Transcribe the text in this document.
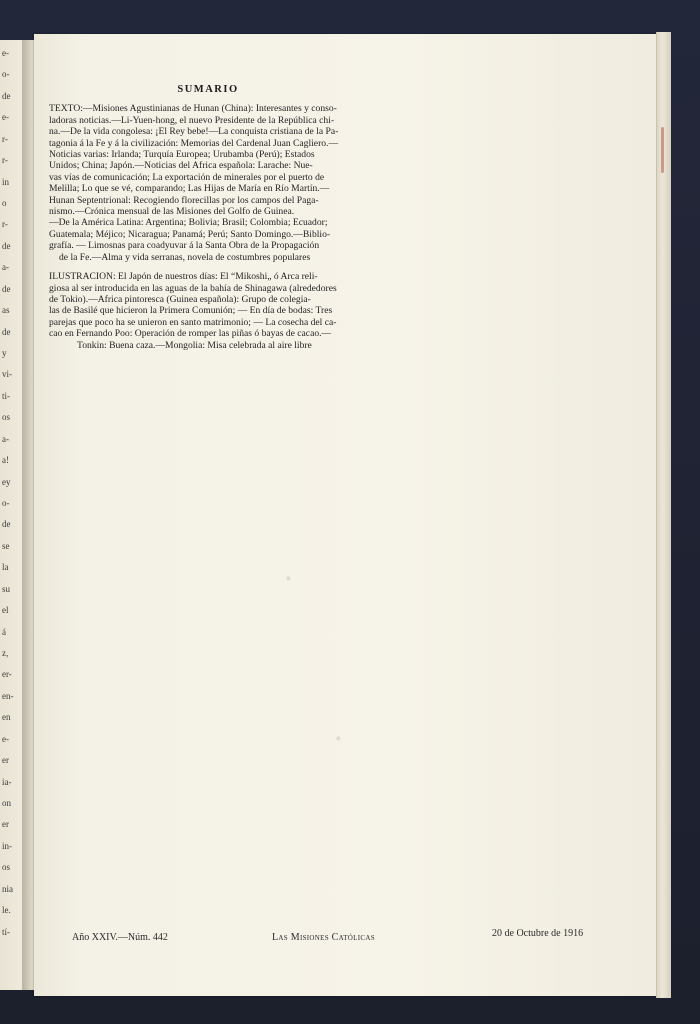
e-
o-
de
e-
r-
r-
in
o
r-
de
a-
de
as
de
y
vi-
ti-
os
a-
a!
ey
o-
de
se
la
su
el
á
z,
er-
en-
en
e-
er
ia-
on
er
in-
os
nia
le.
tí-
SUMARIO

TEXTO:—Misiones Agustinianas de Hunan (China): Interesantes y conso-
ladoras noticias.—Li-Yuen-hong, el nuevo Presidente de la República chi-
na.—De la vida congolesa: ¡El Rey bebe!—La conquista cristiana de la Pa-
tagonia á la Fe y á la civilización: Memorias del Cardenal Juan Cagliero.—
Noticias varias: Irlanda; Turquía Europea; Urubamba (Perú); Estados
Unidos; China; Japón.—Noticias del Africa española: Larache: Nue-
vas vías de comunicación; La exportación de minerales por el puerto de
Melilla; Lo que se vé, comparando; Las Hijas de María en Río Martín.—
Hunan Septentrional: Recogiendo florecillas por los campos del Paga-
nismo.—Crónica mensual de las Misiones del Golfo de Guinea.
—De la América Latina: Argentina; Bolivia; Brasil; Colombia; Ecuador;
Guatemala; Méjico; Nicaragua; Panamá; Perú; Santo Domingo.—Biblio-
grafía. — Limosnas para coadyuvar á la Santa Obra de la Propagación
de la Fe.—Alma y vida serranas, novela de costumbres populares

ILUSTRACION: El Japón de nuestros días: El “Mikoshi„ ó Arca reli-
giosa al ser introducida en las aguas de la bahía de Shinagawa (alrededores
de Tokio).—Africa pintoresca (Guinea española): Grupo de colegia-
las de Basilé que hicieron la Primera Comunión; — En día de bodas: Tres
parejas que poco ha se unieron en santo matrimonio; — La cosecha del ca-
cao en Fernando Poo: Operación de romper las piñas ó bayas de cacao.—
Tonkin: Buena caza.—Mongolia: Misa celebrada al aire libre

·
·
Año XXIV.—Núm. 442	Las Misiones Católicas	20 de Octubre de 1916
